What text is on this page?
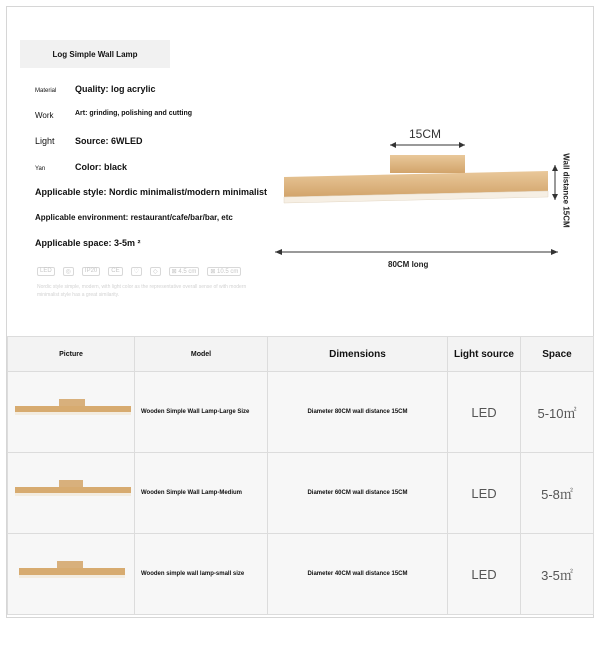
Log Simple Wall Lamp
Material Quality: log acrylic
Work	Art: grinding, polishing and cutting
Light Source: 6WLED
Yan	Color: black
Applicable style: Nordic minimalist/modern minimalist
Applicable environment: restaurant/cafe/bar/bar, etc
Applicable space: 3-5m ²
LED	◎	IP20	CE	♡	◇	⊠ 4.5 cm	⊠ 10.5 cm
Nordic style simple, modern, with light color as the representative overall sense of with modern minimalist style has a great similarity.
15CM
Wall distance 15CM
80CM long
Picture	Model	Dimensions	Light source	Space
	Wooden Simple Wall Lamp-Large Size	Diameter 80CM wall distance 15CM	LED	5-10㎡
	Wooden Simple Wall Lamp-Medium	Diameter 60CM wall distance 15CM	LED	5-8㎡
	Wooden simple wall lamp-small size	Diameter 40CM wall distance 15CM	LED	3-5㎡
